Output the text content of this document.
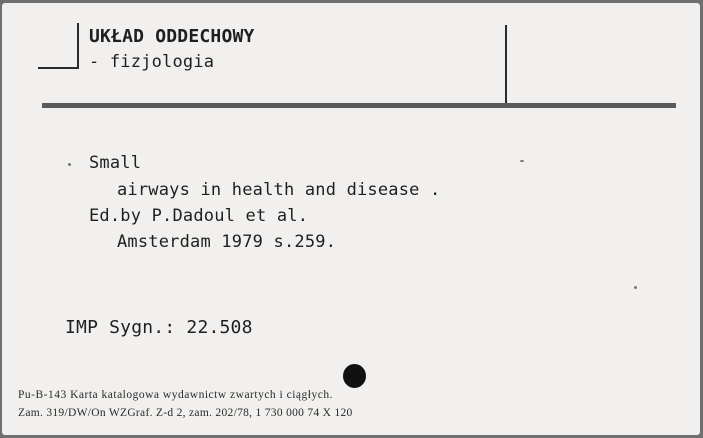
UKŁAD ODDECHOWY
- fizjologia
Small
airways in health and disease .
Ed.by P.Dadoul et al.
Amsterdam 1979 s.259.
IMP Sygn.: 22.508
Pu-B-143 Karta katalogowa wydawnictw zwartych i ciągłych.
Zam. 319/DW/On WZGraf. Z-d 2, zam. 202/78, 1 730 000 74 X 120
